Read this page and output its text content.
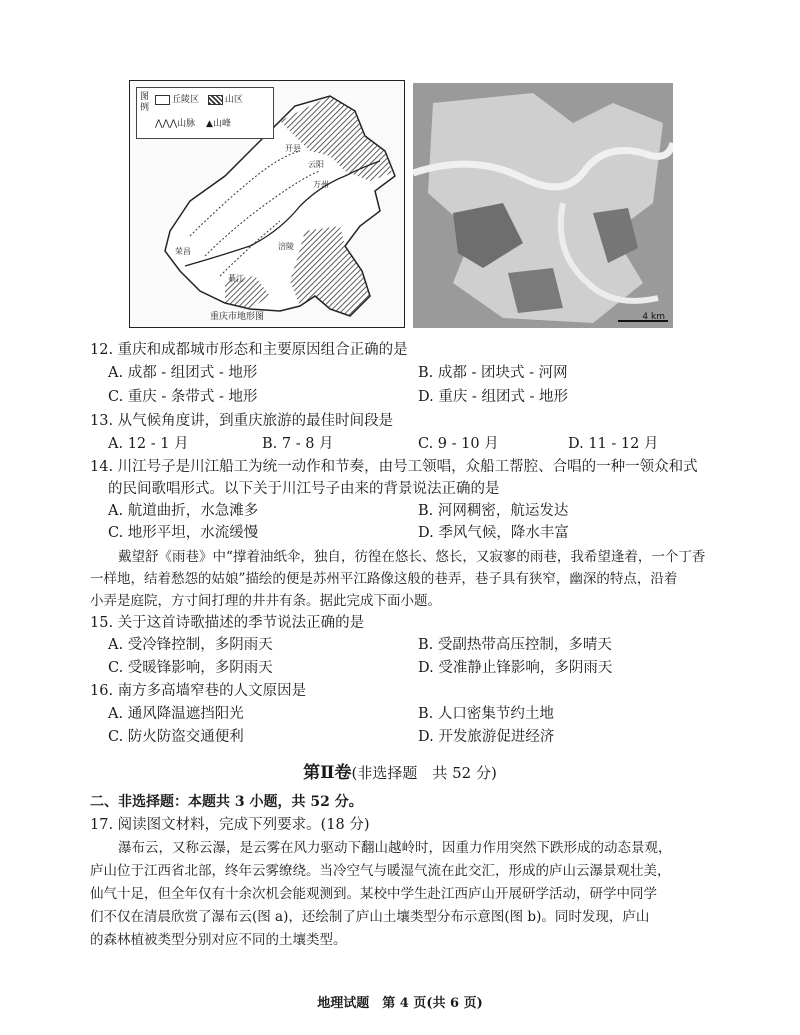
图例
丘陵区	山区
⋀⋀⋀山脉 ▲山峰
开县
云阳
万州
綦江
涪陵
荣昌
重庆市地形图	4 km
12. 重庆和成都城市形态和主要原因组合正确的是
A. 成都 - 组团式 - 地形	B. 成都 - 团块式 - 河网
C. 重庆 - 条带式 - 地形	D. 重庆 - 组团式 - 地形
13. 从气候角度讲，到重庆旅游的最佳时间段是
A. 12 - 1 月	B. 7 - 8 月	C. 9 - 10 月	D. 11 - 12 月
14. 川江号子是川江船工为统一动作和节奏，由号工领唱，众船工帮腔、合唱的一种一领众和式
的民间歌唱形式。以下关于川江号子由来的背景说法正确的是
A. 航道曲折，水急滩多	B. 河网稠密，航运发达
C. 地形平坦，水流缓慢	D. 季风气候，降水丰富
戴望舒《雨巷》中“撑着油纸伞，独自，彷徨在悠长、悠长，又寂寥的雨巷，我希望逢着，一个丁香
一样地，结着愁怨的姑娘”描绘的便是苏州平江路像这般的巷弄，巷子具有狭窄，幽深的特点，沿着
小弄是庭院，方寸间打理的井井有条。据此完成下面小题。
15. 关于这首诗歌描述的季节说法正确的是
A. 受冷锋控制，多阴雨天	B. 受副热带高压控制，多晴天
C. 受暖锋影响，多阴雨天	D. 受准静止锋影响，多阴雨天
16. 南方多高墙窄巷的人文原因是
A. 通风降温遮挡阳光	B. 人口密集节约土地
C. 防火防盗交通便利	D. 开发旅游促进经济
第Ⅱ卷(非选择题　共 52 分)
二、非选择题：本题共 3 小题，共 52 分。
17. 阅读图文材料，完成下列要求。(18 分)
瀑布云，又称云瀑，是云雾在风力驱动下翻山越岭时，因重力作用突然下跌形成的动态景观，
庐山位于江西省北部，终年云雾缭绕。当冷空气与暖湿气流在此交汇，形成的庐山云瀑景观壮美，
仙气十足，但全年仅有十余次机会能观测到。某校中学生赴江西庐山开展研学活动，研学中同学
们不仅在清晨欣赏了瀑布云(图 a)，还绘制了庐山土壤类型分布示意图(图 b)。同时发现，庐山
的森林植被类型分别对应不同的土壤类型。
地理试题　第 4 页(共 6 页)
